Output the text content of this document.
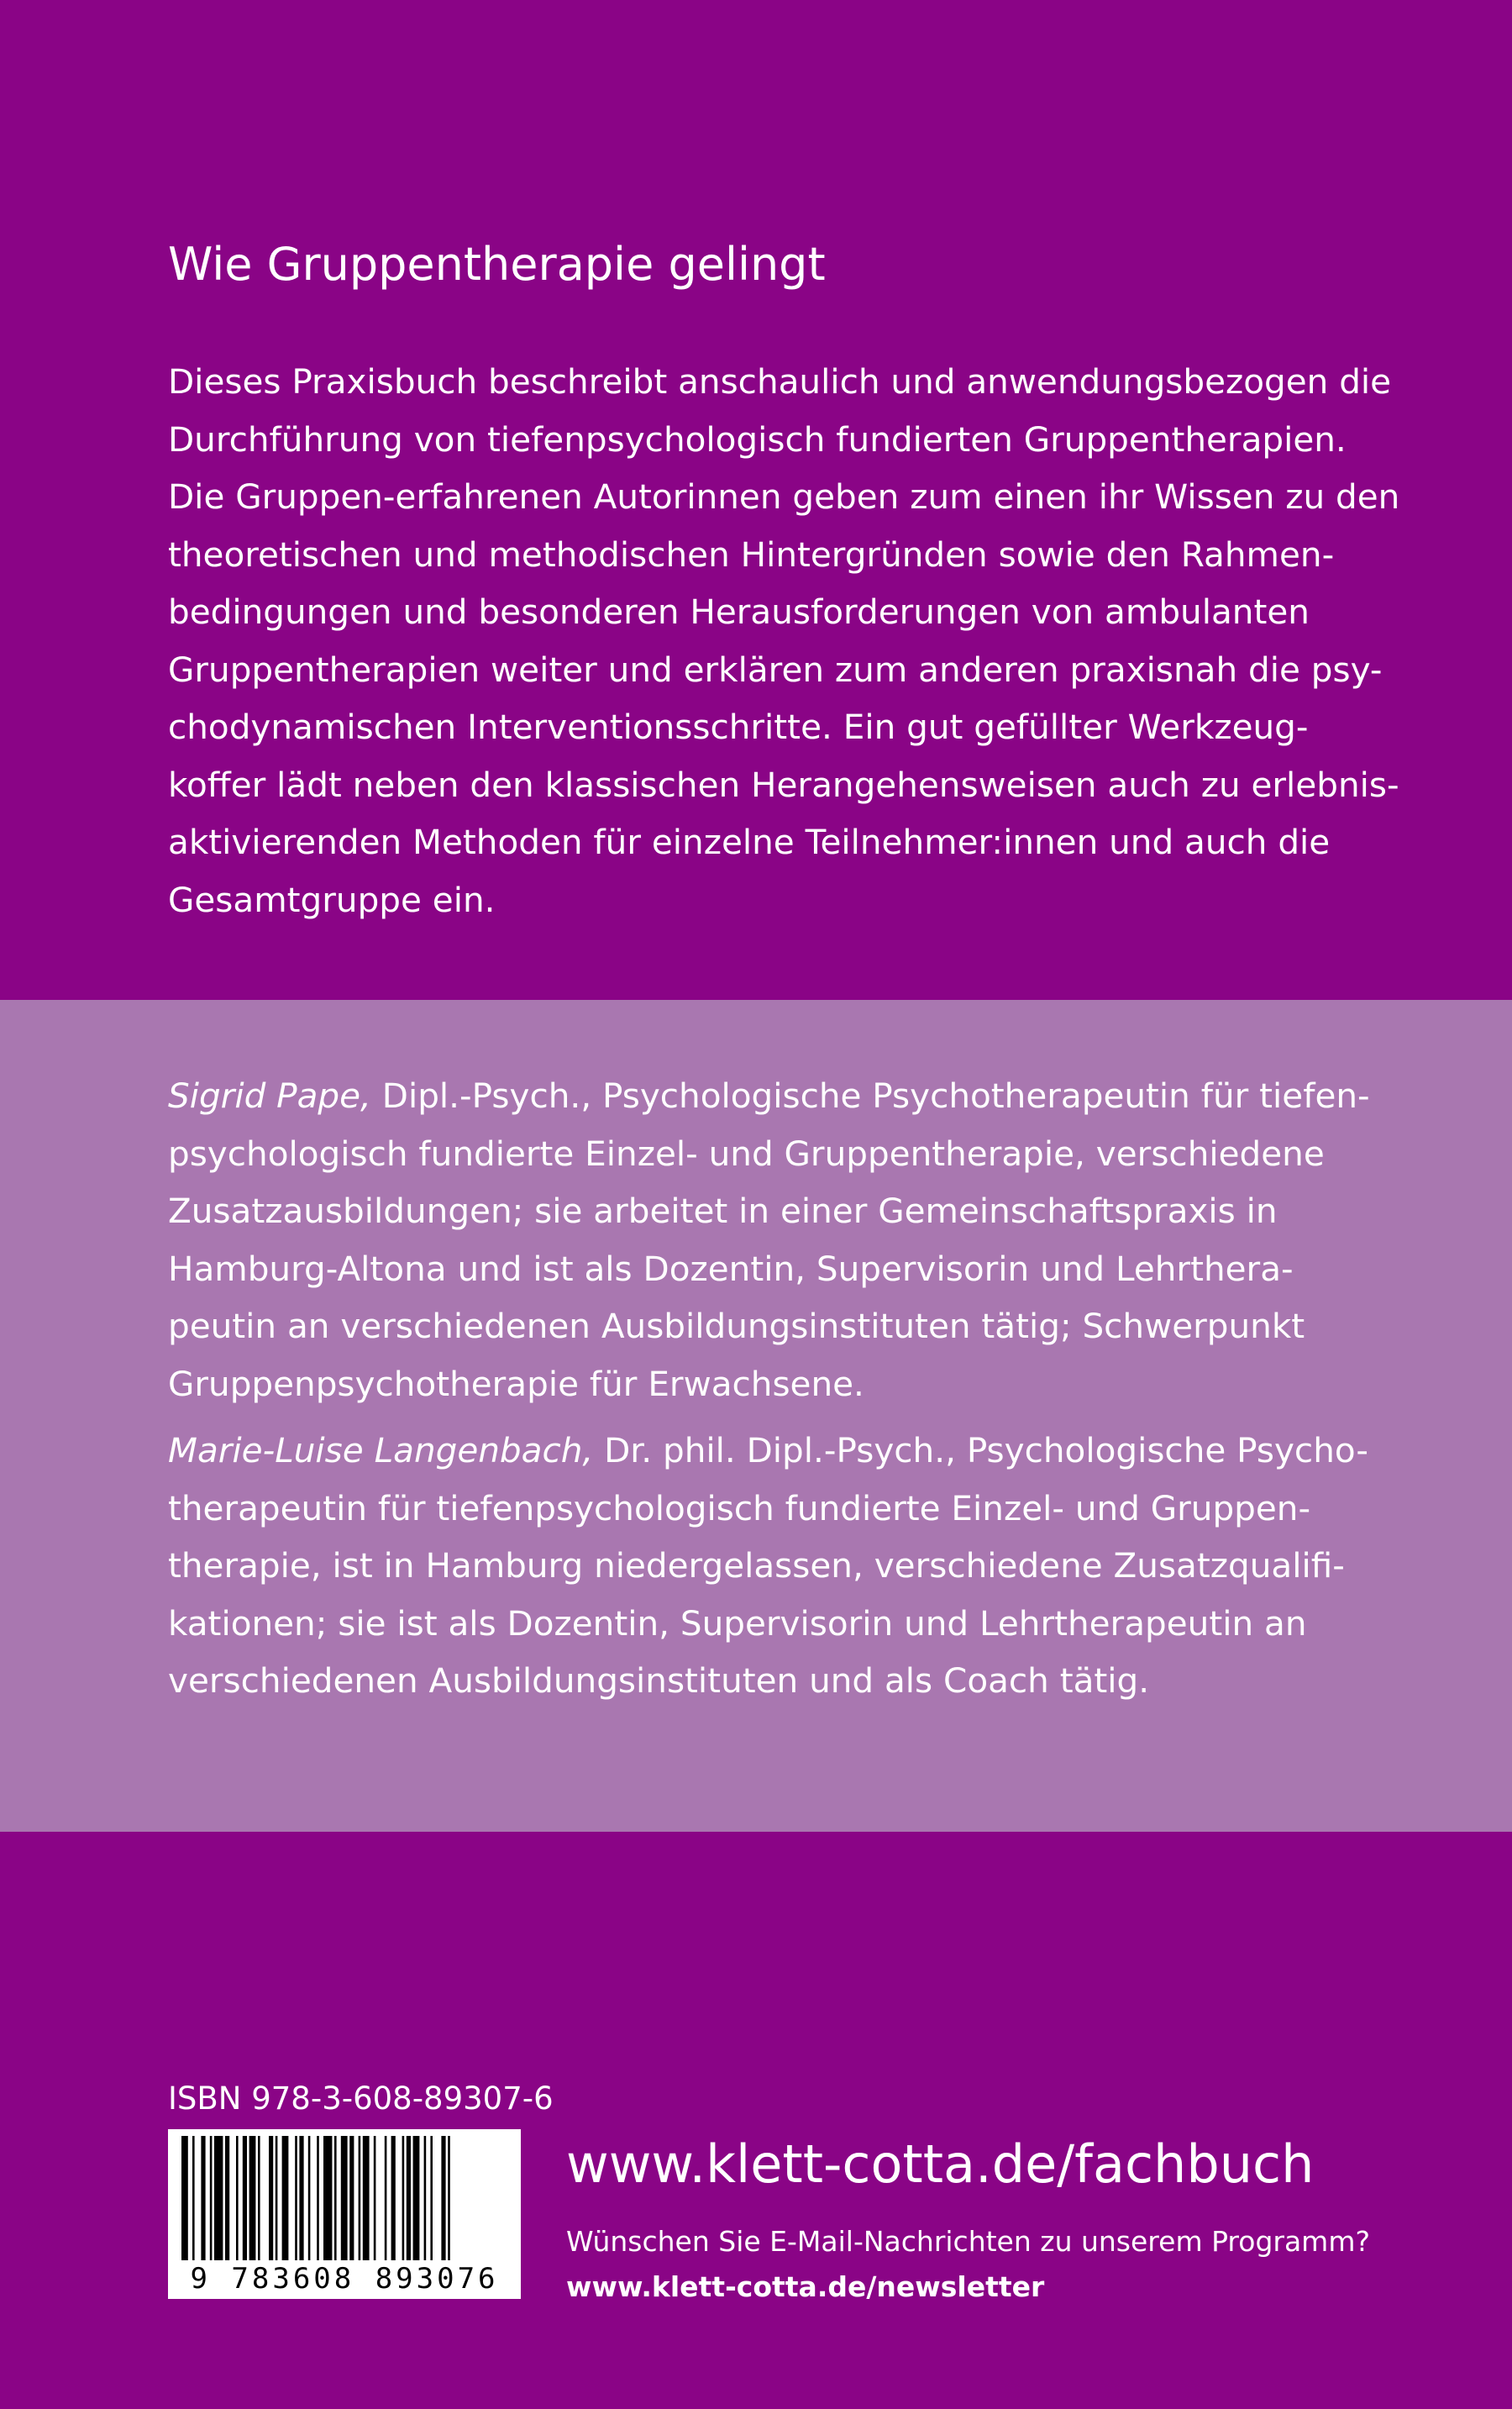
Wie Gruppentherapie gelingt

Dieses Praxisbuch beschreibt anschaulich und anwendungsbezogen die
Durchführung von tiefenpsychologisch fundierten Gruppentherapien.
Die Gruppen-erfahrenen Autorinnen geben zum einen ihr Wissen zu den
theoretischen und methodischen Hintergründen sowie den Rahmen-
bedingungen und besonderen Herausforderungen von ambulanten
Gruppentherapien weiter und erklären zum anderen praxisnah die psy-
chodynamischen Interventionsschritte. Ein gut gefüllter Werkzeug-
koffer lädt neben den klassischen Herangehensweisen auch zu erlebnis-
aktivierenden Methoden für einzelne Teilnehmer:innen und auch die
Gesamtgruppe ein.

Sigrid Pape, Dipl.-Psych., Psychologische Psychotherapeutin für tiefen-
psychologisch fundierte Einzel- und Gruppentherapie, verschiedene
Zusatzausbildungen; sie arbeitet in einer Gemeinschaftspraxis in
Hamburg-Altona und ist als Dozentin, Supervisorin und Lehrthera-
peutin an verschiedenen Ausbildungsinstituten tätig; Schwerpunkt
Gruppenpsychotherapie für Erwachsene.

Marie-Luise Langenbach, Dr. phil. Dipl.-Psych., Psychologische Psycho-
therapeutin für tiefenpsychologisch fundierte Einzel- und Gruppen-
therapie, ist in Hamburg niedergelassen, verschiedene Zusatzqualifi-
kationen; sie ist als Dozentin, Supervisorin und Lehrtherapeutin an
verschiedenen Ausbildungsinstituten und als Coach tätig.

ISBN 978-3-608-89307-6
9 783608 893076
www.klett-cotta.de/fachbuch
Wünschen Sie E-Mail-Nachrichten zu unserem Programm?
www.klett-cotta.de/newsletter
